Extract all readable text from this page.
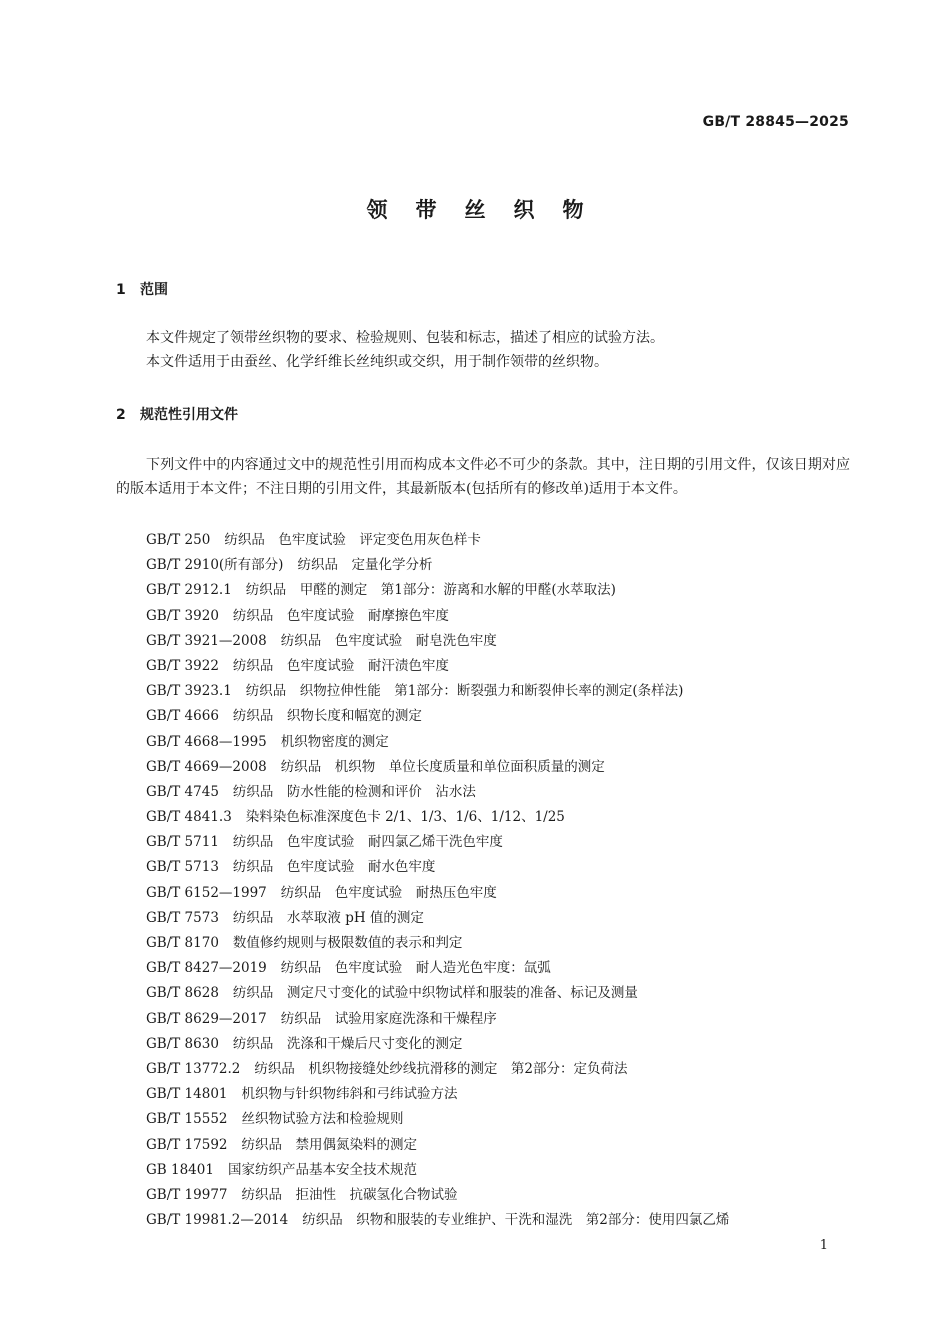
GB/T 28845—2025
领带丝织物
1 范围

本文件规定了领带丝织物的要求、检验规则、包装和标志，描述了相应的试验方法。

本文件适用于由蚕丝、化学纤维长丝纯织或交织，用于制作领带的丝织物。

2 规范性引用文件

下列文件中的内容通过文中的规范性引用而构成本文件必不可少的条款。其中，注日期的引用文件，仅该日期对应的版本适用于本文件；不注日期的引用文件，其最新版本(包括所有的修改单)适用于本文件。

GB/T 250 纺织品　色牢度试验　评定变色用灰色样卡
GB/T 2910(所有部分) 纺织品　定量化学分析
GB/T 2912.1 纺织品　甲醛的测定　第1部分：游离和水解的甲醛(水萃取法)
GB/T 3920 纺织品　色牢度试验　耐摩擦色牢度
GB/T 3921—2008 纺织品　色牢度试验　耐皂洗色牢度
GB/T 3922 纺织品　色牢度试验　耐汗渍色牢度
GB/T 3923.1 纺织品　织物拉伸性能　第1部分：断裂强力和断裂伸长率的测定(条样法)
GB/T 4666 纺织品　织物长度和幅宽的测定
GB/T 4668—1995 机织物密度的测定
GB/T 4669—2008 纺织品　机织物　单位长度质量和单位面积质量的测定
GB/T 4745 纺织品　防水性能的检测和评价　沾水法
GB/T 4841.3 染料染色标准深度色卡 2/1、1/3、1/6、1/12、1/25
GB/T 5711 纺织品　色牢度试验　耐四氯乙烯干洗色牢度
GB/T 5713 纺织品　色牢度试验　耐水色牢度
GB/T 6152—1997 纺织品　色牢度试验　耐热压色牢度
GB/T 7573 纺织品　水萃取液 pH 值的测定
GB/T 8170 数值修约规则与极限数值的表示和判定
GB/T 8427—2019 纺织品　色牢度试验　耐人造光色牢度：氙弧
GB/T 8628 纺织品　测定尺寸变化的试验中织物试样和服装的准备、标记及测量
GB/T 8629—2017 纺织品　试验用家庭洗涤和干燥程序
GB/T 8630 纺织品　洗涤和干燥后尺寸变化的测定
GB/T 13772.2 纺织品　机织物接缝处纱线抗滑移的测定　第2部分：定负荷法
GB/T 14801 机织物与针织物纬斜和弓纬试验方法
GB/T 15552 丝织物试验方法和检验规则
GB/T 17592 纺织品　禁用偶氮染料的测定
GB 18401 国家纺织产品基本安全技术规范
GB/T 19977 纺织品　拒油性　抗碳氢化合物试验
GB/T 19981.2—2014 纺织品　织物和服装的专业维护、干洗和湿洗　第2部分：使用四氯乙烯
1
